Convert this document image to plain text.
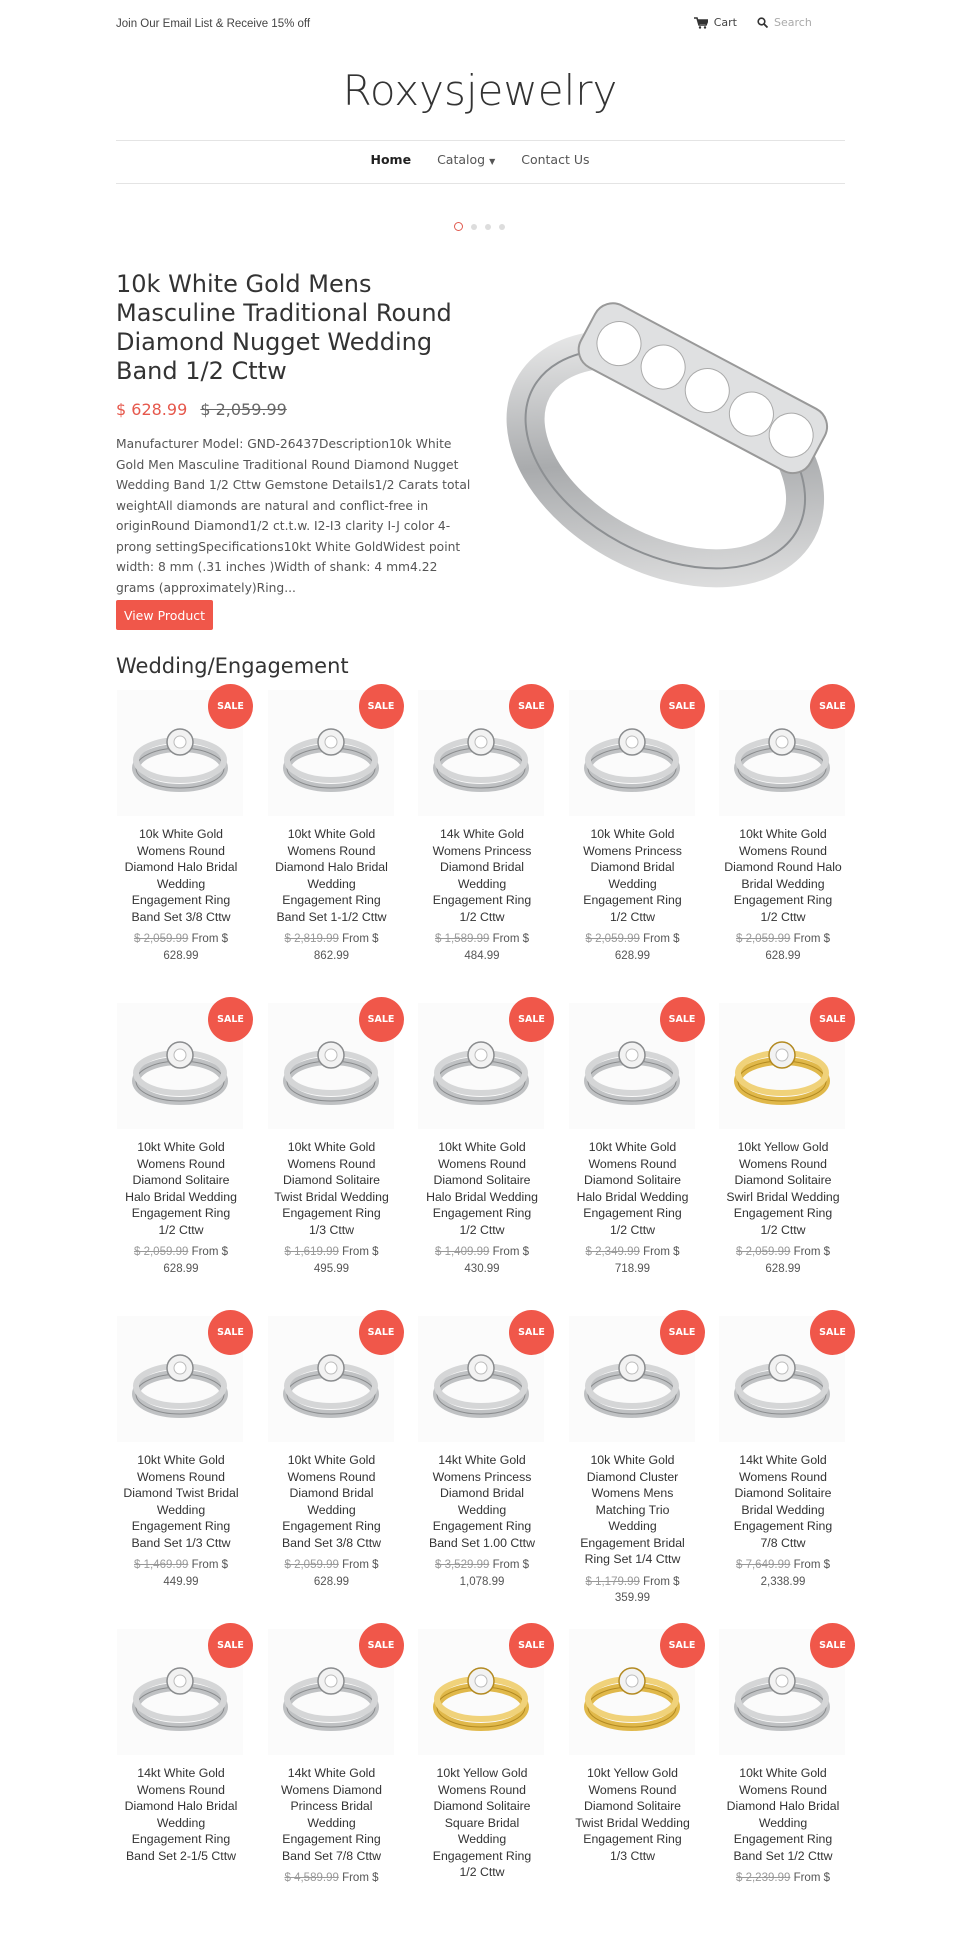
Join Our Email List & Receive 15% off	Cart	Search
Roxysjewelry
Home Catalog ▼ Contact Us
10k White Gold Mens Masculine Traditional Round Diamond Nugget Wedding Band 1/2 Cttw
$ 628.99 $ 2,059.99

Manufacturer Model: GND-26437Description10k White Gold Men Masculine Traditional Round Diamond Nugget Wedding Band 1/2 Cttw Gemstone Details1/2 Carats total weightAll diamonds are natural and conflict-free in originRound Diamond1/2 ct.t.w. I2-I3 clarity I-J color 4-prong settingSpecifications10kt White GoldWidest point width: 8 mm (.31 inches )Width of shank: 4 mm4.22 grams (approximately)Ring...

View Product
Wedding/Engagement
SALE
10k White Gold Womens Round Diamond Halo Bridal Wedding Engagement Ring Band Set 3/8 Cttw
$ 2,059.99 From $
628.99
SALE
10kt White Gold Womens Round Diamond Halo Bridal Wedding Engagement Ring Band Set 1-1/2 Cttw
$ 2,819.99 From $
862.99
SALE
14k White Gold Womens Princess Diamond Bridal Wedding Engagement Ring 1/2 Cttw
$ 1,589.99 From $
484.99
SALE
10k White Gold Womens Princess Diamond Bridal Wedding Engagement Ring 1/2 Cttw
$ 2,059.99 From $
628.99
SALE
10kt White Gold Womens Round Diamond Round Halo Bridal Wedding Engagement Ring 1/2 Cttw
$ 2,059.99 From $
628.99
SALE
10kt White Gold Womens Round Diamond Solitaire Halo Bridal Wedding Engagement Ring 1/2 Cttw
$ 2,059.99 From $
628.99
SALE
10kt White Gold Womens Round Diamond Solitaire Twist Bridal Wedding Engagement Ring 1/3 Cttw
$ 1,619.99 From $
495.99
SALE
10kt White Gold Womens Round Diamond Solitaire Halo Bridal Wedding Engagement Ring 1/2 Cttw
$ 1,409.99 From $
430.99
SALE
10kt White Gold Womens Round Diamond Solitaire Halo Bridal Wedding Engagement Ring 1/2 Cttw
$ 2,349.99 From $
718.99
SALE
10kt Yellow Gold Womens Round Diamond Solitaire Swirl Bridal Wedding Engagement Ring 1/2 Cttw
$ 2,059.99 From $
628.99
SALE
10kt White Gold Womens Round Diamond Twist Bridal Wedding Engagement Ring Band Set 1/3 Cttw
$ 1,469.99 From $
449.99
SALE
10kt White Gold Womens Round Diamond Bridal Wedding Engagement Ring Band Set 3/8 Cttw
$ 2,059.99 From $
628.99
SALE
14kt White Gold Womens Princess Diamond Bridal Wedding Engagement Ring Band Set 1.00 Cttw
$ 3,529.99 From $
1,078.99
SALE
10k White Gold Diamond Cluster Womens Mens Matching Trio Wedding Engagement Bridal Ring Set 1/4 Cttw
$ 1,179.99 From $
359.99
SALE
14kt White Gold Womens Round Diamond Solitaire Bridal Wedding Engagement Ring 7/8 Cttw
$ 7,649.99 From $
2,338.99
SALE
14kt White Gold Womens Round Diamond Halo Bridal Wedding Engagement Ring Band Set 2-1/5 Cttw

SALE
14kt White Gold Womens Diamond Princess Bridal Wedding Engagement Ring Band Set 7/8 Cttw
$ 4,589.99 From $

SALE
10kt Yellow Gold Womens Round Diamond Solitaire Square Bridal Wedding Engagement Ring 1/2 Cttw

SALE
10kt Yellow Gold Womens Round Diamond Solitaire Twist Bridal Wedding Engagement Ring 1/3 Cttw

SALE
10kt White Gold Womens Round Diamond Halo Bridal Wedding Engagement Ring Band Set 1/2 Cttw
$ 2,239.99 From $
